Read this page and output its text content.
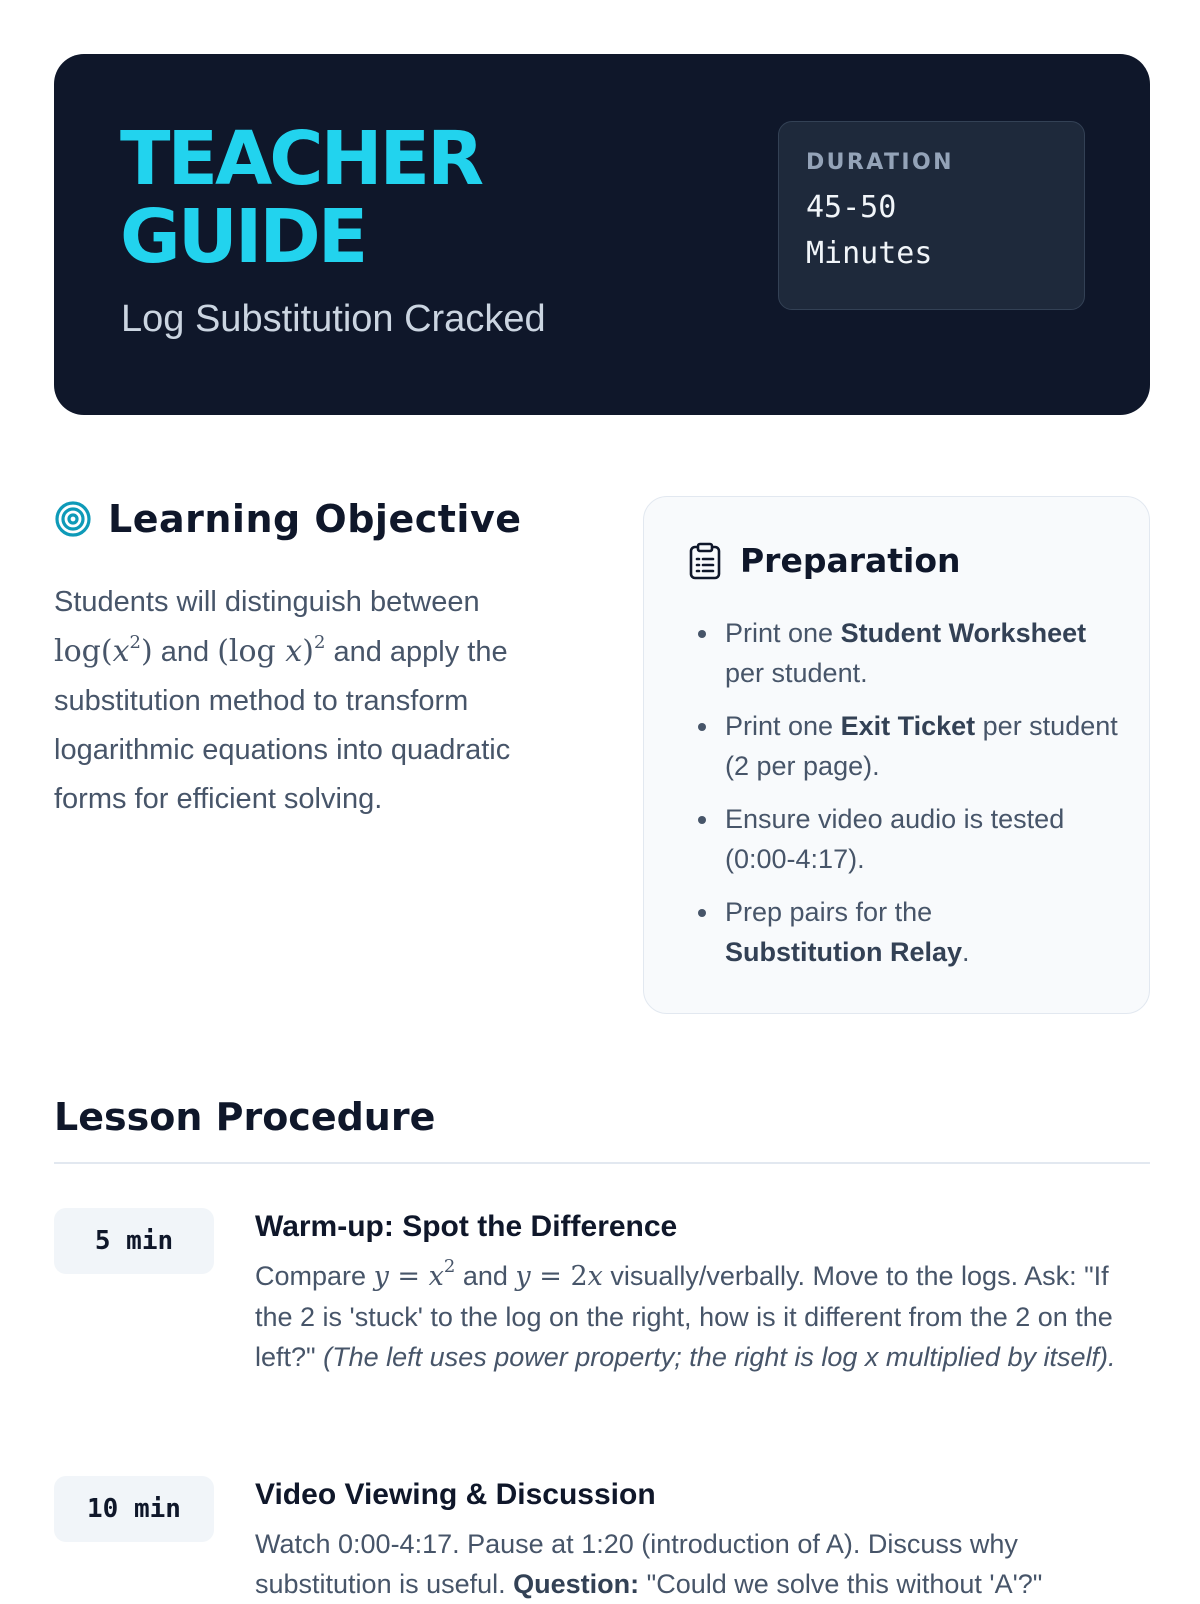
TEACHER
GUIDE
Log Substitution Cracked
DURATION
45-50 Minutes
Learning Objective
Students will distinguish between
$\log(x^2)$ and (log x)$^2$ and apply the substitution method to transform logarithmic equations into quadratic forms for efficient solving.
Preparation
Print one Student Worksheet per student.
Print one Exit Ticket per student (2 per page).
Ensure video audio is tested (0:00-4:17).
Prep pairs for the
Substitution Relay.
Lesson Procedure
5 min	Warm-up: Spot the Difference
Compare $y = x^2$ and y = 2x visually/verbally. Move to the logs. Ask: "If the 2 is 'stuck' to the log on the right, how is it different from the 2 on the left?" (The left uses power property; the right is log x multiplied by itself).
10 min	Video Viewing & Discussion
Watch 0:00-4:17. Pause at 1:20 (introduction of A). Discuss why substitution is useful. Question: "Could we solve this without 'A'?"
